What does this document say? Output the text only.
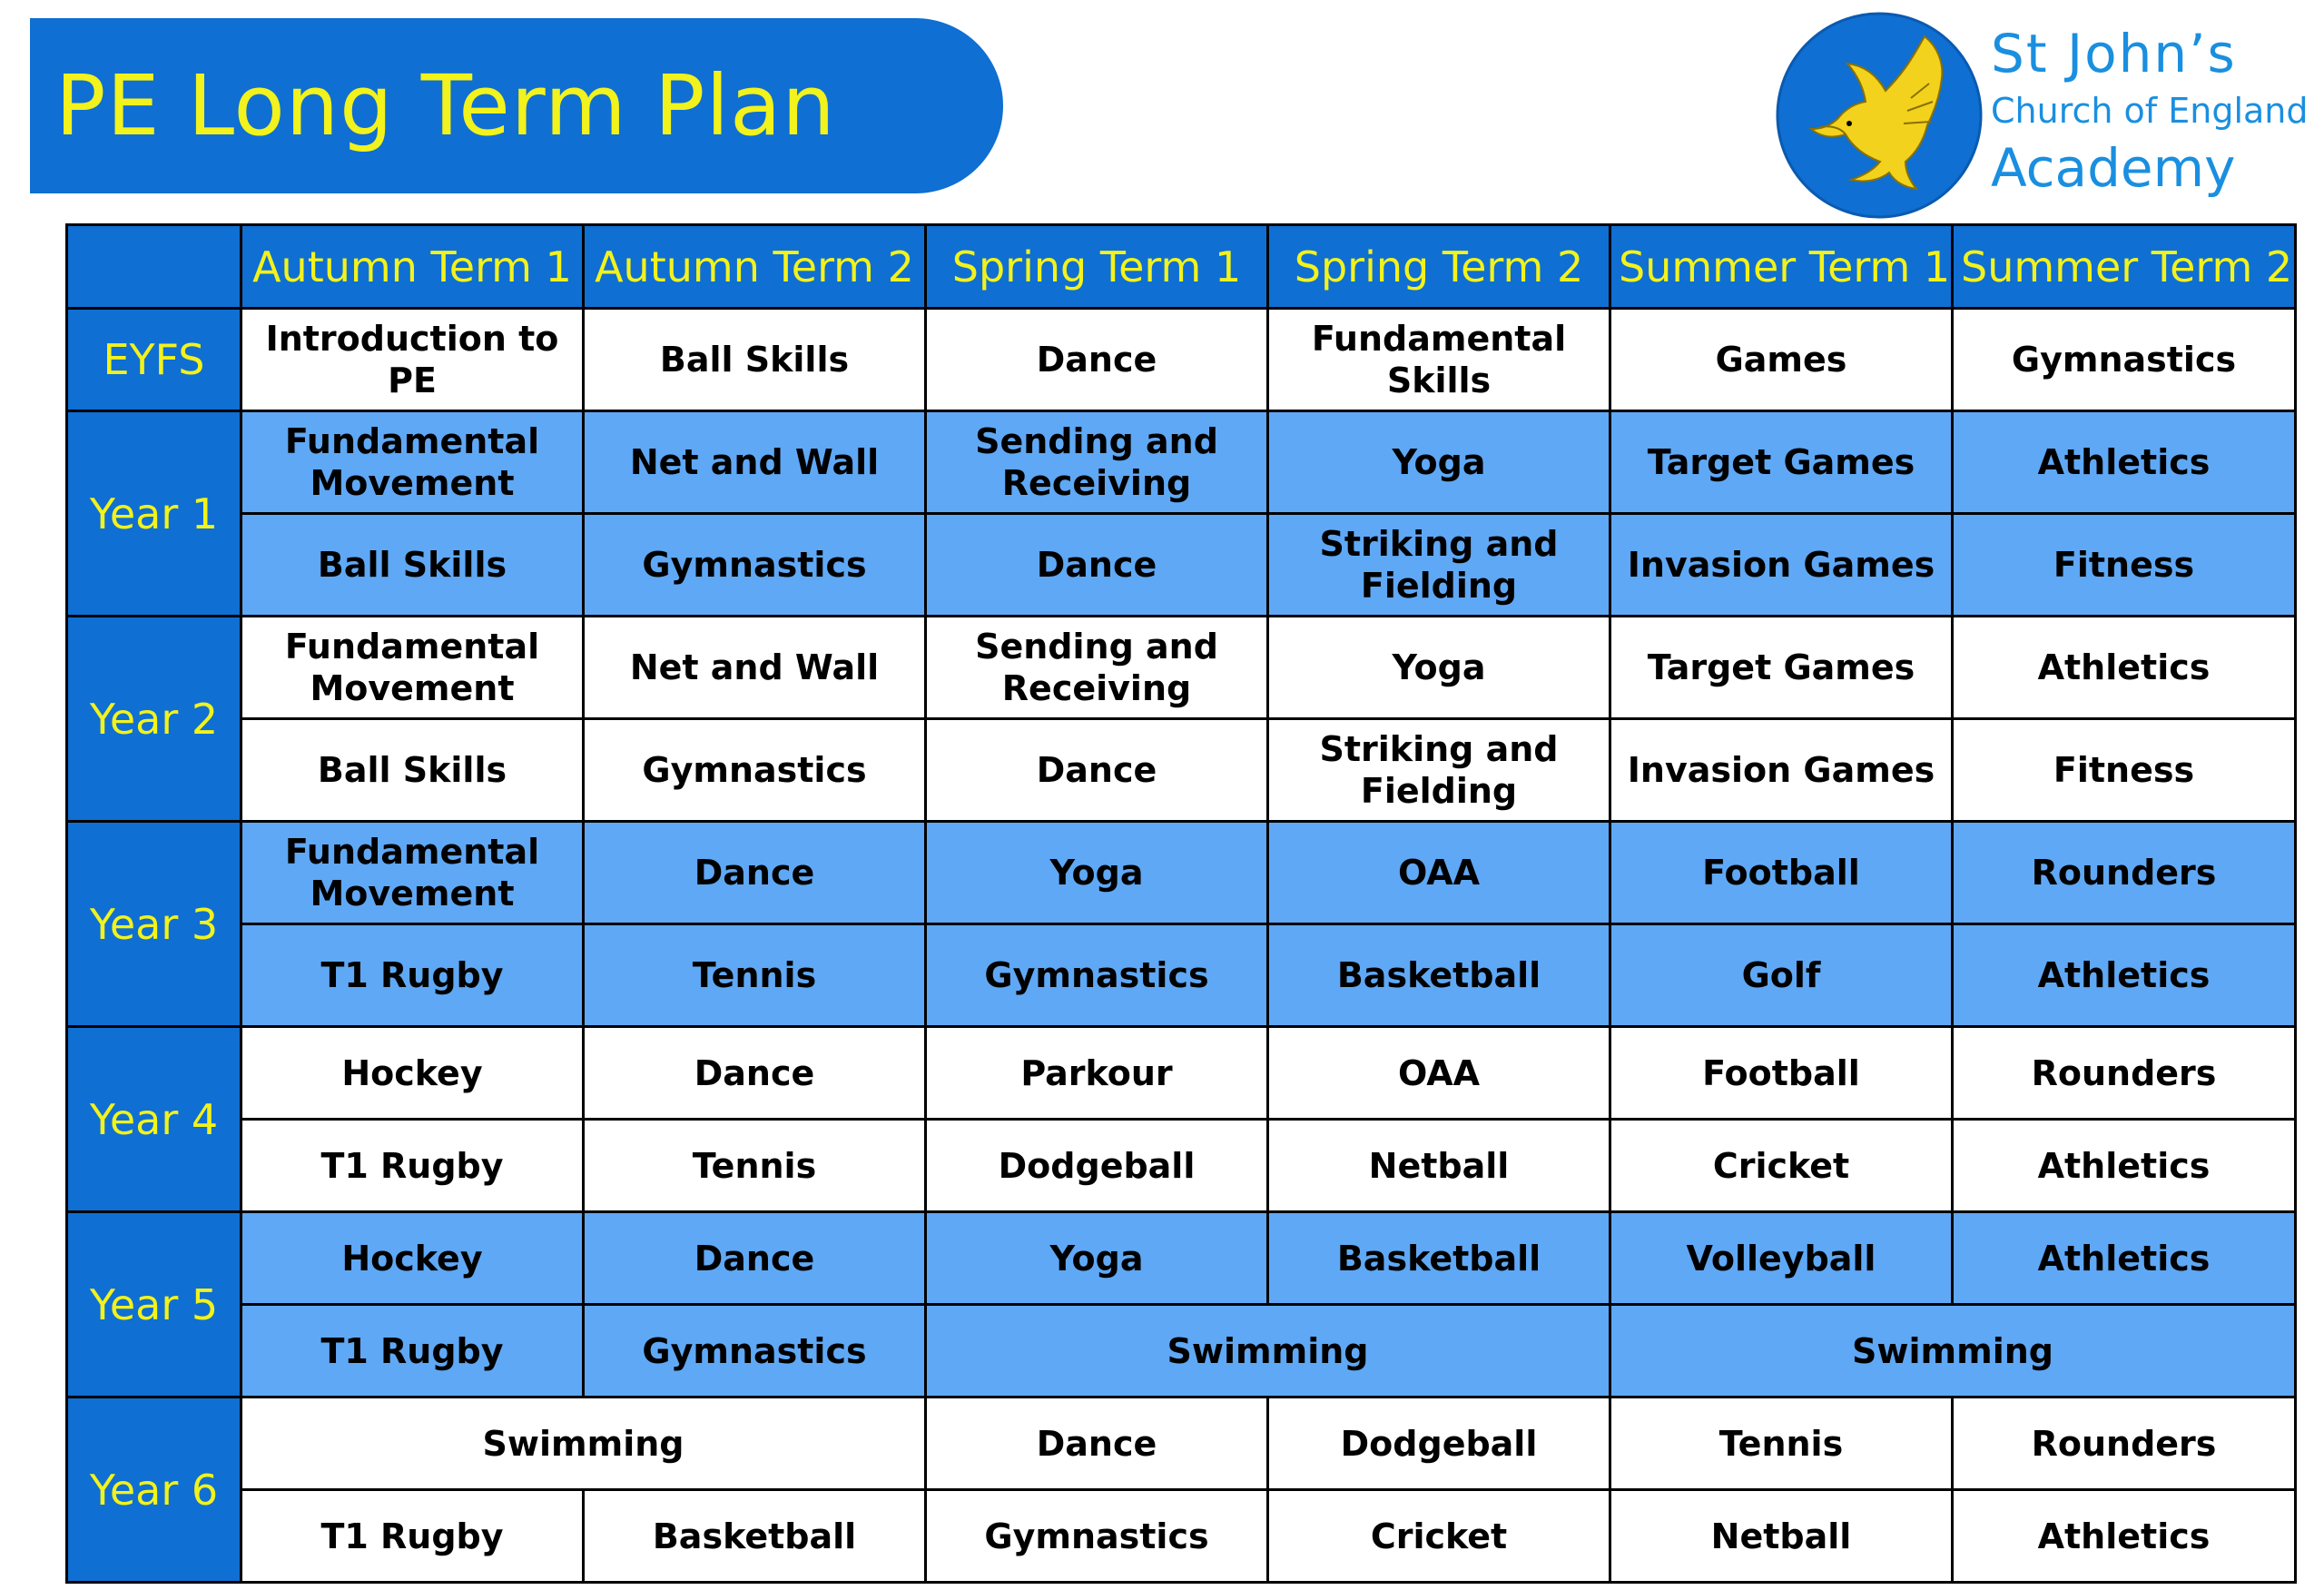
PE Long Term Plan
St John’s
Church of England
Academy
	Autumn Term 1	Autumn Term 2	Spring Term 1	Spring Term 2	Summer Term 1	Summer Term 2
EYFS	Introduction to PE	Ball Skills	Dance	Fundamental Skills	Games	Gymnastics
Year 1	Fundamental Movement	Net and Wall	Sending and Receiving	Yoga	Target Games	Athletics
	Ball Skills	Gymnastics	Dance	Striking and Fielding	Invasion Games	Fitness
Year 2	Fundamental Movement	Net and Wall	Sending and Receiving	Yoga	Target Games	Athletics
	Ball Skills	Gymnastics	Dance	Striking and Fielding	Invasion Games	Fitness
Year 3	Fundamental Movement	Dance	Yoga	OAA	Football	Rounders
	T1 Rugby	Tennis	Gymnastics	Basketball	Golf	Athletics
Year 4	Hockey	Dance	Parkour	OAA	Football	Rounders
	T1 Rugby	Tennis	Dodgeball	Netball	Cricket	Athletics
Year 5	Hockey	Dance	Yoga	Basketball	Volleyball	Athletics
	T1 Rugby	Gymnastics	Swimming		Swimming	
Year 6	Swimming		Dance	Dodgeball	Tennis	Rounders
	T1 Rugby	Basketball	Gymnastics	Cricket	Netball	Athletics
